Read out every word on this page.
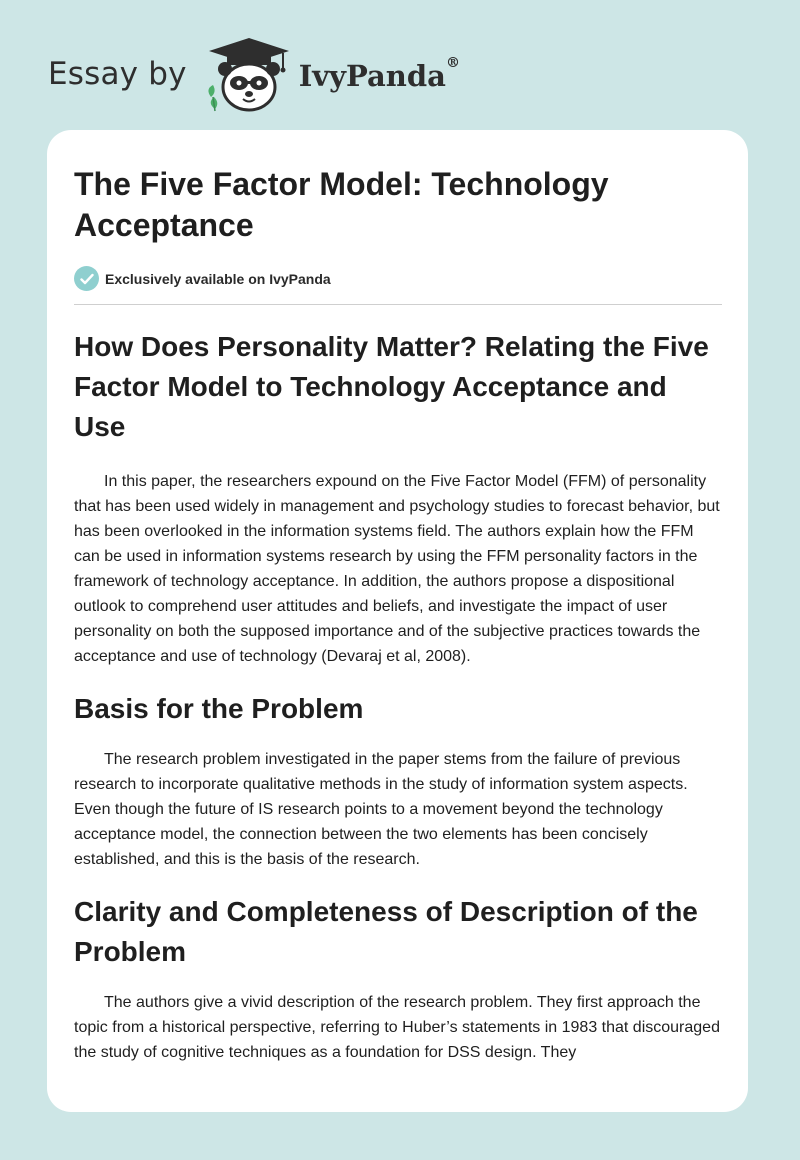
Essay by	IvyPanda®
The Five Factor Model: Technology Acceptance
Exclusively available on IvyPanda
How Does Personality Matter? Relating the Five Factor Model to Technology Acceptance and Use

In this paper, the researchers expound on the Five Factor Model (FFM) of personality that has been used widely in management and psychology studies to forecast behavior, but has been overlooked in the information systems field. The authors explain how the FFM can be used in information systems research by using the FFM personality factors in the framework of technology acceptance. In addition, the authors propose a dispositional outlook to comprehend user attitudes and beliefs, and investigate the impact of user personality on both the supposed importance and of the subjective practices towards the acceptance and use of technology (Devaraj et al, 2008).

Basis for the Problem

The research problem investigated in the paper stems from the failure of previous research to incorporate qualitative methods in the study of information system aspects. Even though the future of IS research points to a movement beyond the technology acceptance model, the connection between the two elements has been concisely established, and this is the basis of the research.

Clarity and Completeness of Description of the Problem

The authors give a vivid description of the research problem. They first approach the topic from a historical perspective, referring to Huber’s statements in 1983 that discouraged the study of cognitive techniques as a foundation for DSS design. They
